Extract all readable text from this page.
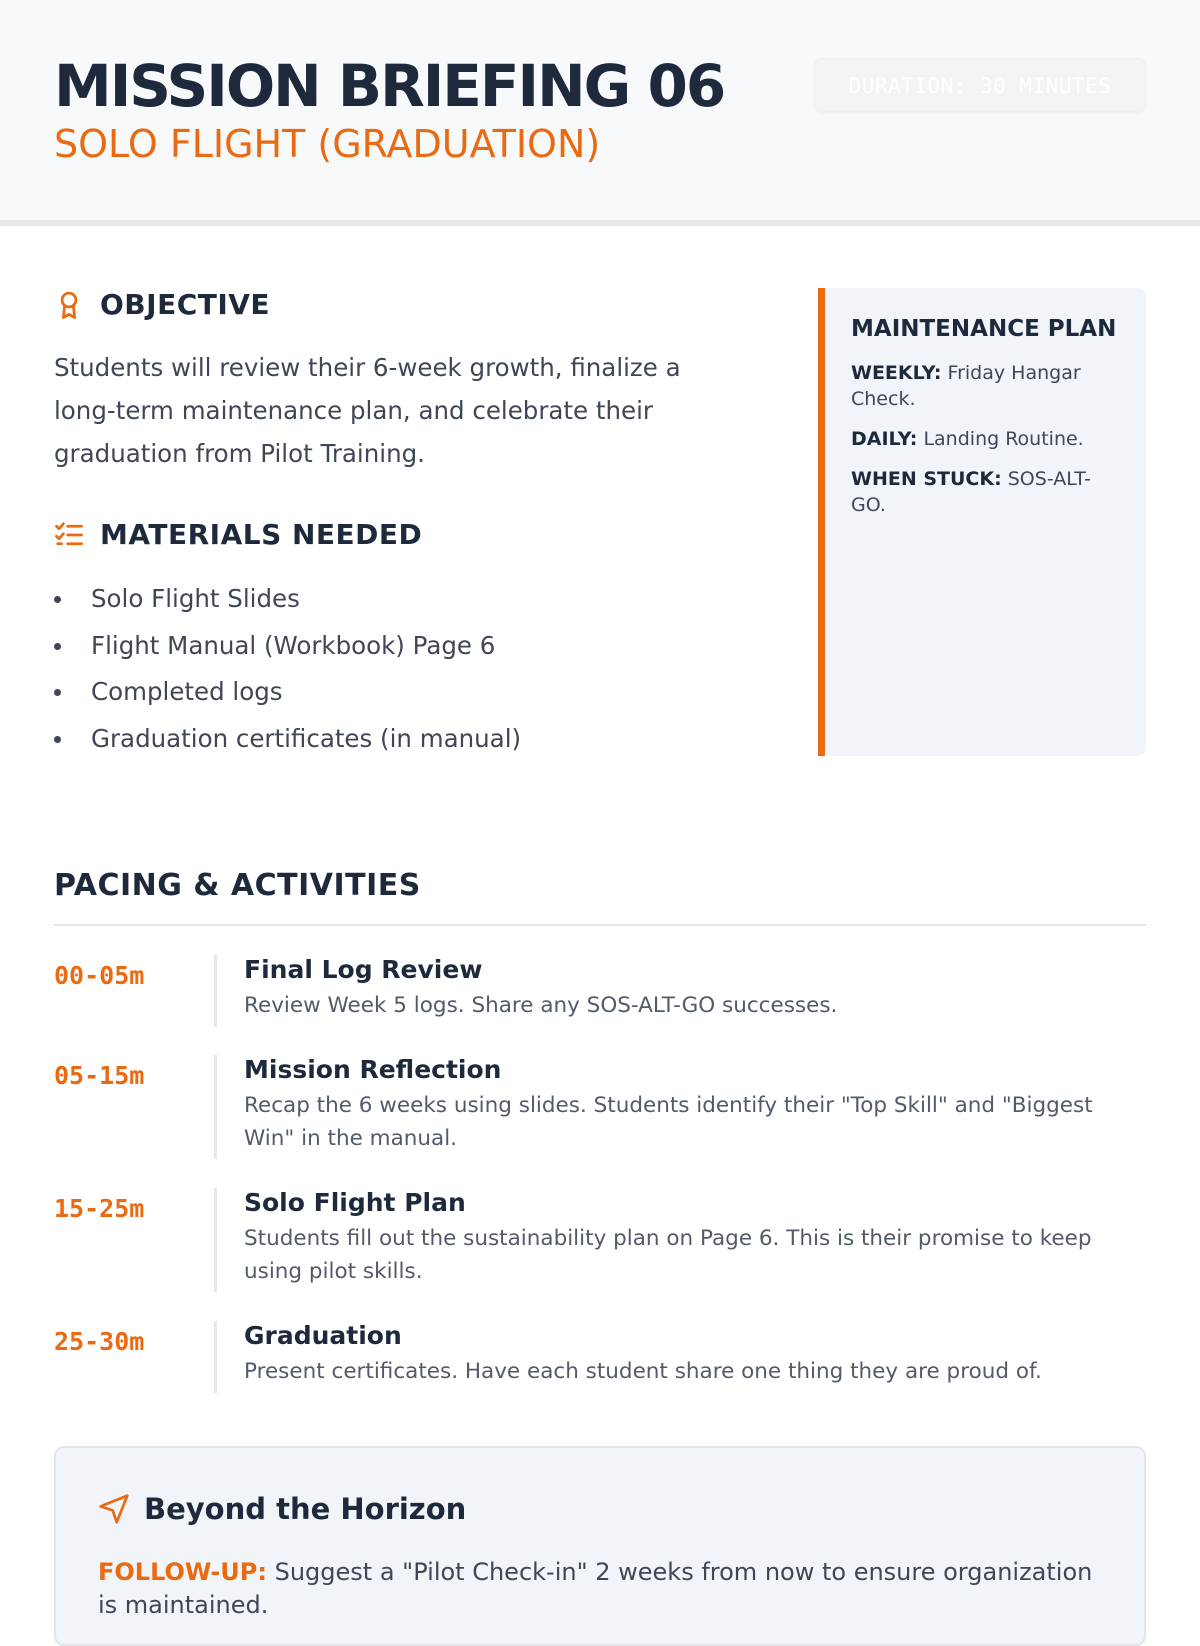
MISSION BRIEFING 06
SOLO FLIGHT (GRADUATION)
DURATION: 30 MINUTES
OBJECTIVE

Students will review their 6-week growth, finalize a long-term maintenance plan, and celebrate their graduation from Pilot Training.

MATERIALS NEEDED
Solo Flight Slides
Flight Manual (Workbook) Page 6
Completed logs
Graduation certificates (in manual)
MAINTENANCE PLAN
WEEKLY: Friday Hangar Check.
DAILY: Landing Routine.
WHEN STUCK: SOS-ALT-GO.
PACING & ACTIVITIES
00-05m	Final Log Review
Review Week 5 logs. Share any SOS-ALT-GO successes.
05-15m	Mission Reflection
Recap the 6 weeks using slides. Students identify their "Top Skill" and "Biggest Win" in the manual.
15-25m	Solo Flight Plan
Students fill out the sustainability plan on Page 6. This is their promise to keep using pilot skills.
25-30m	Graduation
Present certificates. Have each student share one thing they are proud of.
Beyond the Horizon

FOLLOW-UP: Suggest a "Pilot Check-in" 2 weeks from now to ensure organization is maintained.
